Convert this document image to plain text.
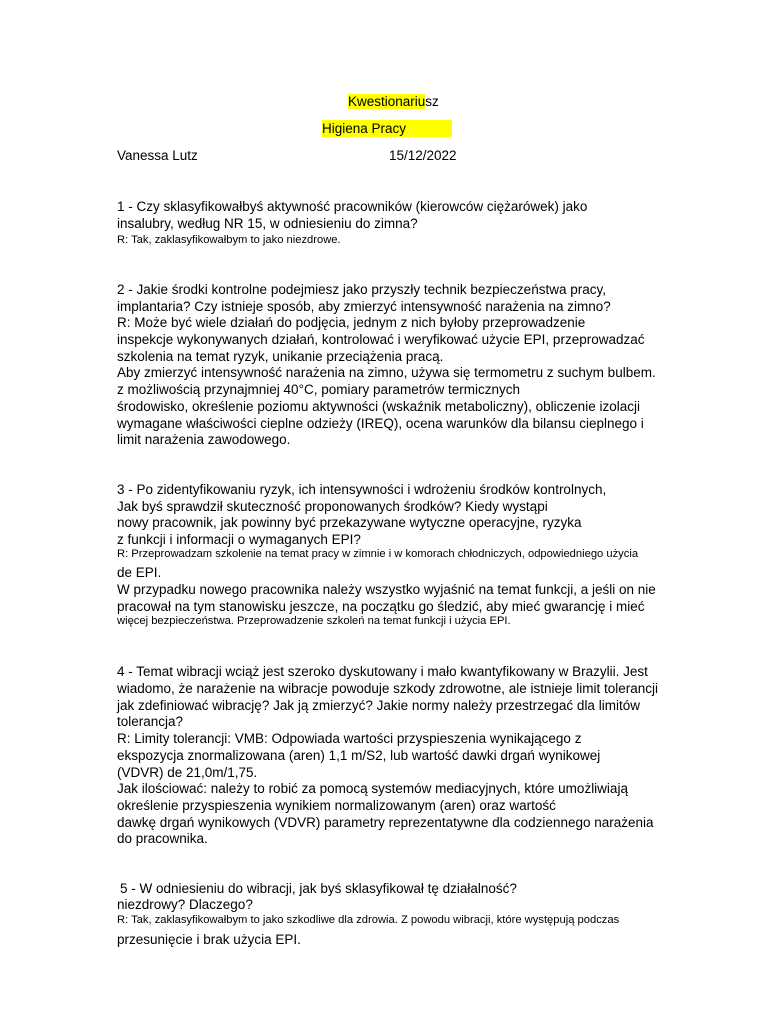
Kwestionariusz
Higiena Pracy
Vanessa Lutz	15/12/2022
1 - Czy sklasyfikowałbyś aktywność pracowników (kierowców ciężarówek) jako
insalubry, według NR 15, w odniesieniu do zimna?
R: Tak, zaklasyfikowałbym to jako niezdrowe.
2 - Jakie środki kontrolne podejmiesz jako przyszły technik bezpieczeństwa pracy,
implantaria? Czy istnieje sposób, aby zmierzyć intensywność narażenia na zimno?
R: Może być wiele działań do podjęcia, jednym z nich byłoby przeprowadzenie
inspekcje wykonywanych działań, kontrolować i weryfikować użycie EPI, przeprowadzać
szkolenia na temat ryzyk, unikanie przeciążenia pracą.
Aby zmierzyć intensywność narażenia na zimno, używa się termometru z suchym bulbem.
z możliwością przynajmniej 40°C, pomiary parametrów termicznych
środowisko, określenie poziomu aktywności (wskaźnik metaboliczny), obliczenie izolacji
wymagane właściwości cieplne odzieży (IREQ), ocena warunków dla bilansu cieplnego i
limit narażenia zawodowego.
3 - Po zidentyfikowaniu ryzyk, ich intensywności i wdrożeniu środków kontrolnych,
Jak byś sprawdził skuteczność proponowanych środków? Kiedy wystąpi
nowy pracownik, jak powinny być przekazywane wytyczne operacyjne, ryzyka
z funkcji i informacji o wymaganych EPI?
R: Przeprowadzam szkolenie na temat pracy w zimnie i w komorach chłodniczych, odpowiedniego użycia
de EPI.
W przypadku nowego pracownika należy wszystko wyjaśnić na temat funkcji, a jeśli on nie
pracował na tym stanowisku jeszcze, na początku go śledzić, aby mieć gwarancję i mieć
więcej bezpieczeństwa. Przeprowadzenie szkoleń na temat funkcji i użycia EPI.
4 - Temat wibracji wciąż jest szeroko dyskutowany i mało kwantyfikowany w Brazylii. Jest
wiadomo, że narażenie na wibracje powoduje szkody zdrowotne, ale istnieje limit tolerancji
jak zdefiniować wibrację? Jak ją zmierzyć? Jakie normy należy przestrzegać dla limitów
tolerancja?
R: Limity tolerancji: VMB: Odpowiada wartości przyspieszenia wynikającego z
ekspozycja znormalizowana (aren) 1,1 m/S2, lub wartość dawki drgań wynikowej
(VDVR) de 21,0m/1,75.
Jak ilościować: należy to robić za pomocą systemów mediacyjnych, które umożliwiają
określenie przyspieszenia wynikiem normalizowanym (aren) oraz wartość
dawkę drgań wynikowych (VDVR) parametry reprezentatywne dla codziennego narażenia
do pracownika.
5 - W odniesieniu do wibracji, jak byś sklasyfikował tę działalność?
niezdrowy? Dlaczego?
R: Tak, zaklasyfikowałbym to jako szkodliwe dla zdrowia. Z powodu wibracji, które występują podczas
przesunięcie i brak użycia EPI.
